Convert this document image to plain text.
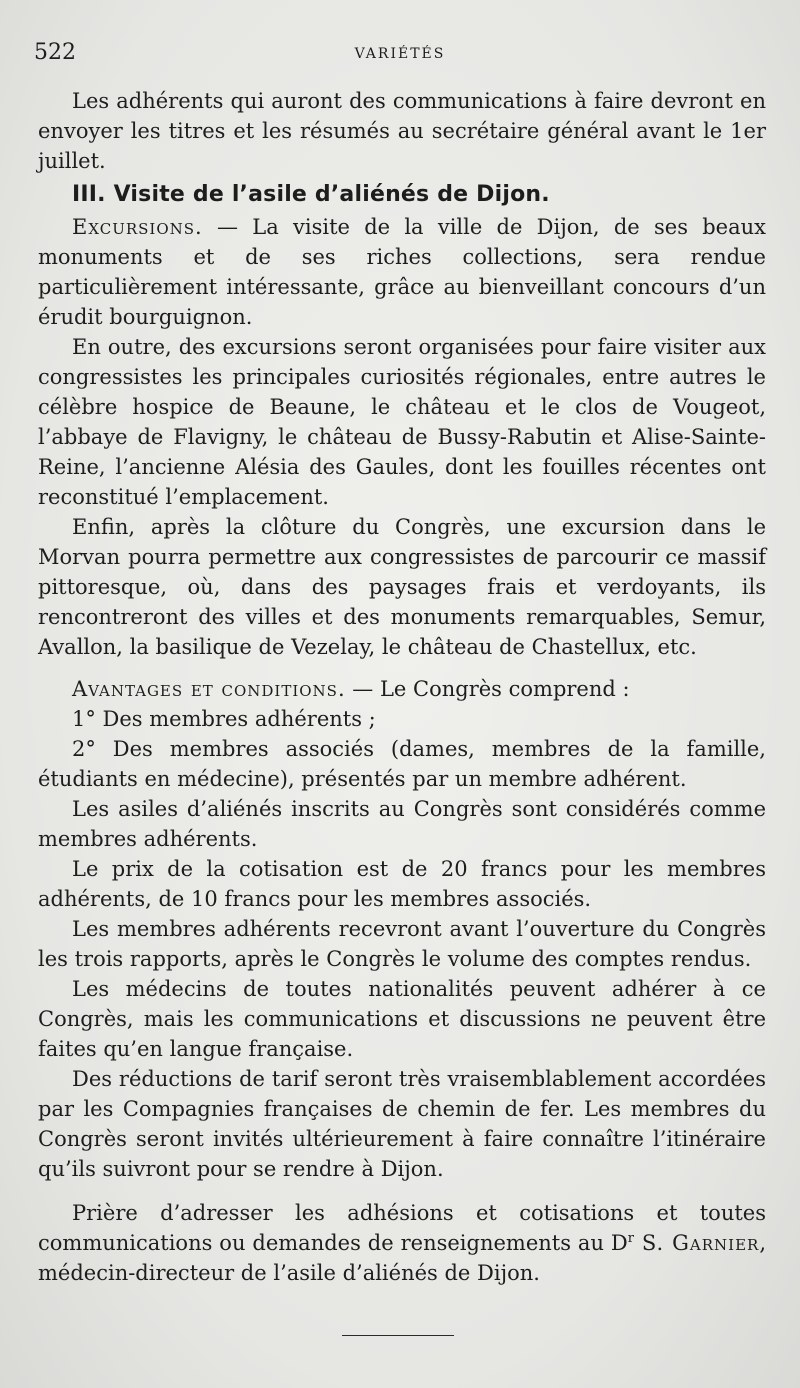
522	VARIÉTÉS

Les adhérents qui auront des communications à faire devront en envoyer les titres et les résumés au secrétaire général avant le 1er juillet.

III. Visite de l’asile d’aliénés de Dijon.

Excursions. — La visite de la ville de Dijon, de ses beaux monuments et de ses riches collections, sera rendue particulièrement intéressante, grâce au bienveillant concours d’un érudit bourguignon.

En outre, des excursions seront organisées pour faire visiter aux congressistes les principales curiosités régionales, entre autres le célèbre hospice de Beaune, le château et le clos de Vougeot, l’abbaye de Flavigny, le château de Bussy-Rabutin et Alise-Sainte-Reine, l’ancienne Alésia des Gaules, dont les fouilles récentes ont reconstitué l’emplacement.

Enfin, après la clôture du Congrès, une excursion dans le Morvan pourra permettre aux congressistes de parcourir ce massif pittoresque, où, dans des paysages frais et verdoyants, ils rencontreront des villes et des monuments remarquables, Semur, Avallon, la basilique de Vezelay, le château de Chastellux, etc.

Avantages et conditions. — Le Congrès comprend :

1° Des membres adhérents ;

2° Des membres associés (dames, membres de la famille, étudiants en médecine), présentés par un membre adhérent.

Les asiles d’aliénés inscrits au Congrès sont considérés comme membres adhérents.

Le prix de la cotisation est de 20 francs pour les membres adhérents, de 10 francs pour les membres associés.

Les membres adhérents recevront avant l’ouverture du Congrès les trois rapports, après le Congrès le volume des comptes rendus.

Les médecins de toutes nationalités peuvent adhérer à ce Congrès, mais les communications et discussions ne peuvent être faites qu’en langue française.

Des réductions de tarif seront très vraisemblablement accordées par les Compagnies françaises de chemin de fer. Les membres du Congrès seront invités ultérieurement à faire connaître l’itinéraire qu’ils suivront pour se rendre à Dijon.

Prière d’adresser les adhésions et cotisations et toutes communications ou demandes de renseignements au $D^r$ S. Garnier, médecin-directeur de l’asile d’aliénés de Dijon.
